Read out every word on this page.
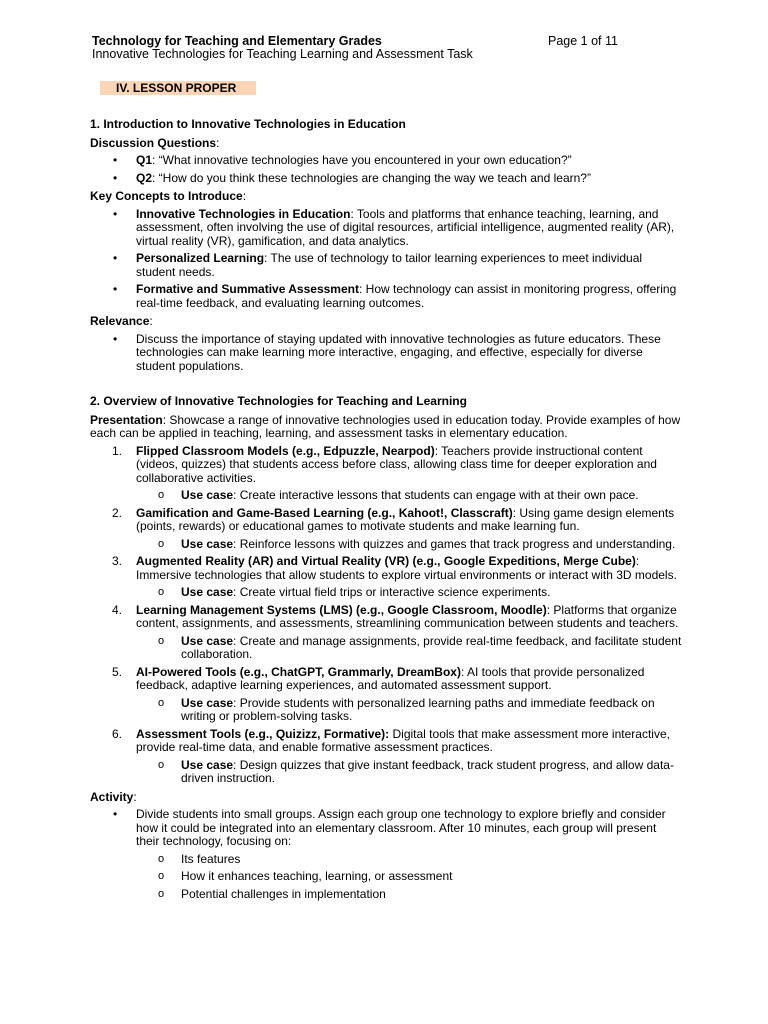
Technology for Teaching and Elementary Grades	Page 1 of 11
Innovative Technologies for Teaching Learning and Assessment Task
IV. LESSON PROPER

1. Introduction to Innovative Technologies in Education

Discussion Questions:

• Q1: “What innovative technologies have you encountered in your own education?”
• Q2: “How do you think these technologies are changing the way we teach and learn?”

Key Concepts to Introduce:

• Innovative Technologies in Education: Tools and platforms that enhance teaching, learning, and assessment, often involving the use of digital resources, artificial intelligence, augmented reality (AR), virtual reality (VR), gamification, and data analytics.
• Personalized Learning: The use of technology to tailor learning experiences to meet individual student needs.
• Formative and Summative Assessment: How technology can assist in monitoring progress, offering real-time feedback, and evaluating learning outcomes.

Relevance:

• Discuss the importance of staying updated with innovative technologies as future educators. These technologies can make learning more interactive, engaging, and effective, especially for diverse student populations.

2. Overview of Innovative Technologies for Teaching and Learning

Presentation: Showcase a range of innovative technologies used in education today. Provide examples of how each can be applied in teaching, learning, and assessment tasks in elementary education.

1. Flipped Classroom Models (e.g., Edpuzzle, Nearpod): Teachers provide instructional content (videos, quizzes) that students access before class, allowing class time for deeper exploration and collaborative activities.
o Use case: Create interactive lessons that students can engage with at their own pace.
2. Gamification and Game-Based Learning (e.g., Kahoot!, Classcraft): Using game design elements (points, rewards) or educational games to motivate students and make learning fun.
o Use case: Reinforce lessons with quizzes and games that track progress and understanding.
3. Augmented Reality (AR) and Virtual Reality (VR) (e.g., Google Expeditions, Merge Cube): Immersive technologies that allow students to explore virtual environments or interact with 3D models.
o Use case: Create virtual field trips or interactive science experiments.
4. Learning Management Systems (LMS) (e.g., Google Classroom, Moodle): Platforms that organize content, assignments, and assessments, streamlining communication between students and teachers.
o Use case: Create and manage assignments, provide real-time feedback, and facilitate student collaboration.
5. AI-Powered Tools (e.g., ChatGPT, Grammarly, DreamBox): AI tools that provide personalized feedback, adaptive learning experiences, and automated assessment support.
o Use case: Provide students with personalized learning paths and immediate feedback on writing or problem-solving tasks.
6. Assessment Tools (e.g., Quizizz, Formative): Digital tools that make assessment more interactive, provide real-time data, and enable formative assessment practices.
o Use case: Design quizzes that give instant feedback, track student progress, and allow data-driven instruction.

Activity:

• Divide students into small groups. Assign each group one technology to explore briefly and consider how it could be integrated into an elementary classroom. After 10 minutes, each group will present their technology, focusing on:
o Its features
o How it enhances teaching, learning, or assessment
o Potential challenges in implementation
